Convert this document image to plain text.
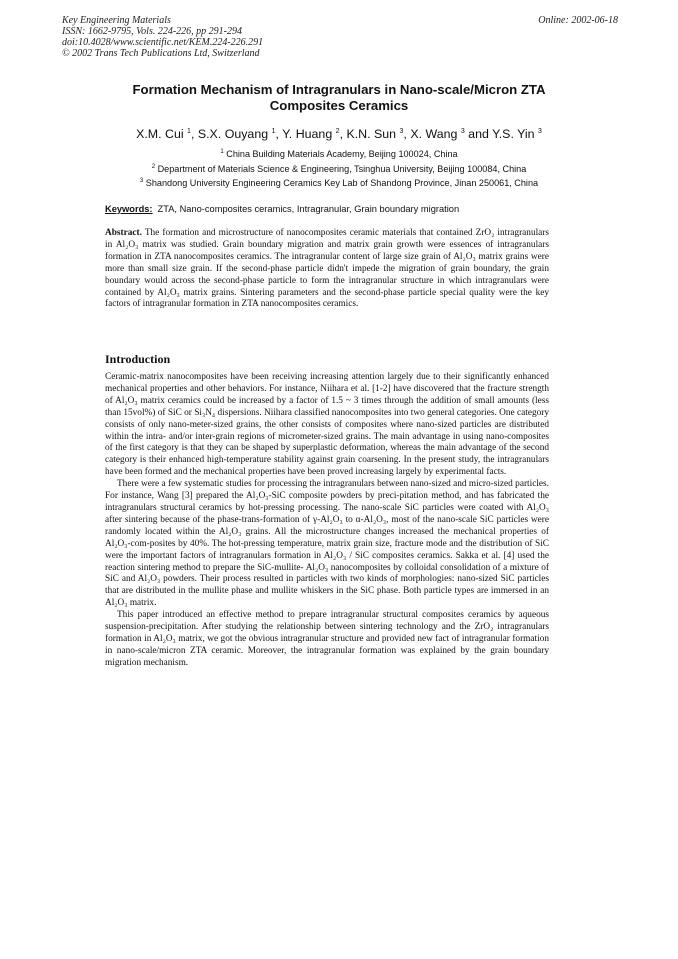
Key Engineering Materials
ISSN: 1662-9795, Vols. 224-226, pp 291-294
doi:10.4028/www.scientific.net/KEM.224-226.291
© 2002 Trans Tech Publications Ltd, Switzerland
Online: 2002-06-18
Formation Mechanism of Intragranulars in Nano-scale/Micron ZTA
Composites Ceramics
X.M. Cui $^1$, S.X. Ouyang $^1$, Y. Huang $^2$, K.N. Sun $^3$, X. Wang $^3$ and Y.S. Yin $^3$
$^1$ China Building Materials Academy, Beijing 100024, China
$^2$ Department of Materials Science & Engineering, Tsinghua University, Beijing 100084, China
$^3$ Shandong University Engineering Ceramics Key Lab of Shandong Province, Jinan 250061, China
Keywords: ZTA, Nano-composites ceramics, Intragranular, Grain boundary migration

Abstract. The formation and microstructure of nanocomposites ceramic materials that contained ZrO₂ intragranulars in Al₂O₃ matrix was studied. Grain boundary migration and matrix grain growth were essences of intragranulars formation in ZTA nanocomposites ceramics. The intragranular content of large size grain of Al₂O₃ matrix grains were more than small size grain. If the second-phase particle didn't impede the migration of grain boundary, the grain boundary would across the second-phase particle to form the intragranular structure in which intragranulars were contained by Al₂O₃ matrix grains. Sintering parameters and the second-phase particle special quality were the key factors of intragranular formation in ZTA nanocomposites ceramics.

Introduction

Ceramic-matrix nanocomposites have been receiving increasing attention largely due to their significantly enhanced mechanical properties and other behaviors. For instance, Niihara et al. [1-2] have discovered that the fracture strength of Al₂O₃ matrix ceramics could be increased by a factor of 1.5 ~ 3 times through the addition of small amounts (less than 15vol%) of SiC or Si₃N₄ dispersions. Niihara classified nanocomposites into two general categories. One category consists of only nano-meter-sized grains, the other consists of composites where nano-sized particles are distributed within the intra- and/or inter-grain regions of micrometer-sized grains. The main advantage in using nano-composites of the first category is that they can be shaped by superplastic deformation, whereas the main advantage of the second category is their enhanced high-temperature stability against grain coarsening. In the present study, the intragranulars have been formed and the mechanical properties have been proved increasing largely by experimental facts.

There were a few systematic studies for processing the intragranulars between nano-sized and micro-sized particles. For instance, Wang [3] prepared the Al₂O₃-SiC composite powders by preci-pitation method, and has fabricated the intragranulars structural ceramics by hot-pressing processing. The nano-scale SiC particles were coated with Al₂O₃ after sintering because of the phase-trans-formation of γ-Al₂O₃ to α-Al₂O₃, most of the nano-scale SiC particles were randomly located within the Al₂O₃ grains. All the microstructure changes increased the mechanical properties of Al₂O₃-com-posites by 40%. The hot-pressing temperature, matrix grain size, fracture mode and the distribution of SiC were the important factors of intragranulars formation in Al₂O₃ / SiC composites ceramics. Sakka et al. [4] used the reaction sintering method to prepare the SiC-mullite- Al₂O₃ nanocomposites by colloidal consolidation of a mixture of SiC and Al₂O₃ powders. Their process resulted in particles with two kinds of morphologies: nano-sized SiC particles that are distributed in the mullite phase and mullite whiskers in the SiC phase. Both particle types are immersed in an Al₂O₃ matrix.

This paper introduced an effective method to prepare intragranular structural composites ceramics by aqueous suspension-precipitation. After studying the relationship between sintering technology and the ZrO₂ intragranulars formation in Al₂O₃ matrix, we got the obvious intragranular structure and provided new fact of intragranular formation in nano-scale/micron ZTA ceramic. Moreover, the intragranular formation was explained by the grain boundary migration mechanism.
